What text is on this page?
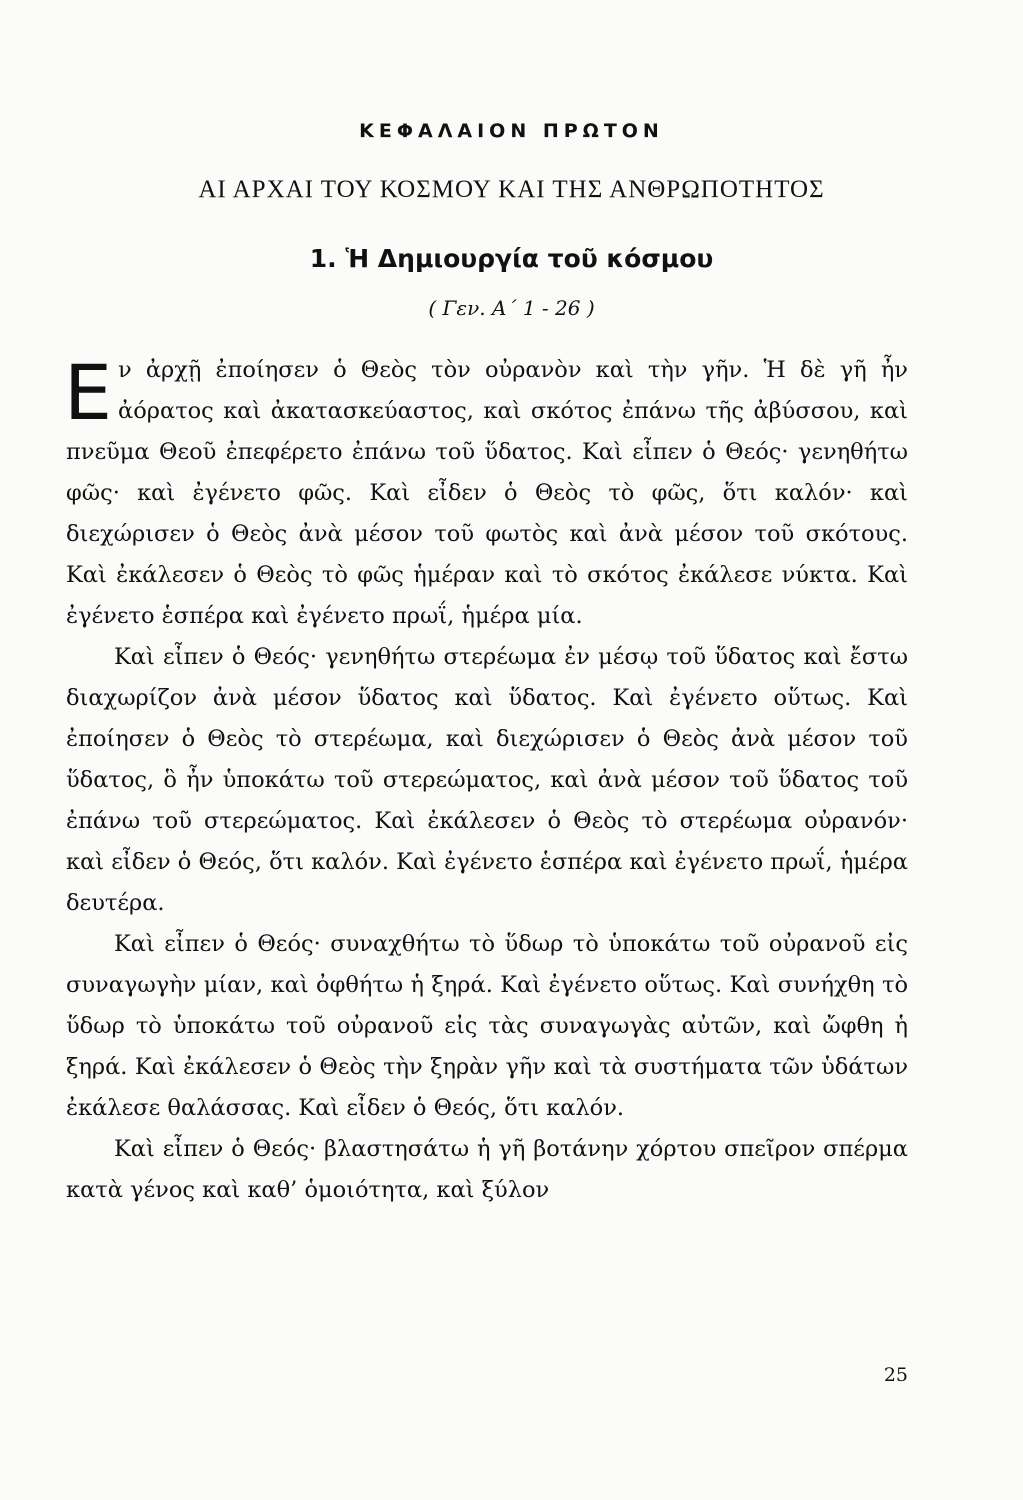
ΚΕΦΑΛΑΙΟΝ ΠΡΩΤΟΝ
ΑΙ ΑΡΧΑΙ ΤΟΥ ΚΟΣΜΟΥ ΚΑΙ ΤΗΣ ΑΝΘΡΩΠΟΤΗΤΟΣ
1. Ἡ Δημιουργία τοῦ κόσμου
( Γεν. Α΄ 1 - 26 )

Εν ἀρχῇ ἐποίησεν ὁ Θεὸς τὸν οὐρανὸν καὶ τὴν γῆν. Ἡ δὲ γῆ ἦν ἀόρατος καὶ ἀκατασκεύαστος, καὶ σκότος ἐπάνω τῆς ἀβύσσου, καὶ πνεῦμα Θεοῦ ἐπεφέρετο ἐπάνω τοῦ ὕδατος. Καὶ εἶπεν ὁ Θεός· γενηθήτω φῶς· καὶ ἐγένετο φῶς. Καὶ εἶδεν ὁ Θεὸς τὸ φῶς, ὅτι καλόν· καὶ διεχώρισεν ὁ Θεὸς ἀνὰ μέσον τοῦ φωτὸς καὶ ἀνὰ μέσον τοῦ σκότους. Καὶ ἐκάλεσεν ὁ Θεὸς τὸ φῶς ἡμέραν καὶ τὸ σκότος ἐκάλεσε νύκτα. Καὶ ἐγένετο ἑσπέρα καὶ ἐγένετο πρωΐ, ἡμέρα μία.

Καὶ εἶπεν ὁ Θεός· γενηθήτω στερέωμα ἐν μέσῳ τοῦ ὕδατος καὶ ἔστω διαχωρίζον ἀνὰ μέσον ὕδατος καὶ ὕδατος. Καὶ ἐγένετο οὕτως. Καὶ ἐποίησεν ὁ Θεὸς τὸ στερέωμα, καὶ διεχώρισεν ὁ Θεὸς ἀνὰ μέσον τοῦ ὕδατος, ὃ ἦν ὑποκάτω τοῦ στερεώματος, καὶ ἀνὰ μέσον τοῦ ὕδατος τοῦ ἐπάνω τοῦ στερεώματος. Καὶ ἐκάλεσεν ὁ Θεὸς τὸ στερέωμα οὐρανόν· καὶ εἶδεν ὁ Θεός, ὅτι καλόν. Καὶ ἐγένετο ἑσπέρα καὶ ἐγένετο πρωΐ, ἡμέρα δευτέρα.

Καὶ εἶπεν ὁ Θεός· συναχθήτω τὸ ὕδωρ τὸ ὑποκάτω τοῦ οὐρανοῦ εἰς συναγωγὴν μίαν, καὶ ὀφθήτω ἡ ξηρά. Καὶ ἐγένετο οὕτως. Καὶ συνήχθη τὸ ὕδωρ τὸ ὑποκάτω τοῦ οὐρανοῦ εἰς τὰς συναγωγὰς αὐτῶν, καὶ ὤφθη ἡ ξηρά. Καὶ ἐκάλεσεν ὁ Θεὸς τὴν ξηρὰν γῆν καὶ τὰ συστήματα τῶν ὑδάτων ἐκάλεσε θαλάσσας. Καὶ εἶδεν ὁ Θεός, ὅτι καλόν.

Καὶ εἶπεν ὁ Θεός· βλαστησάτω ἡ γῆ βοτάνην χόρτου σπεῖρον σπέρμα κατὰ γένος καὶ καθ’ ὁμοιότητα, καὶ ξύλον

25
